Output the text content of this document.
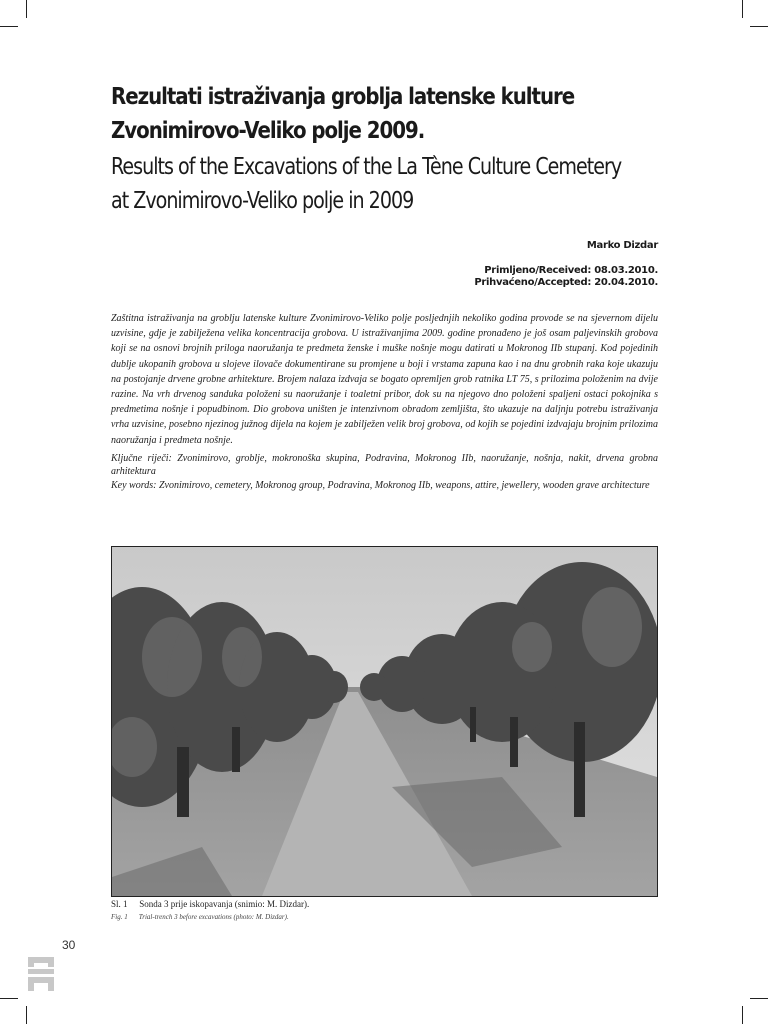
Rezultati istraživanja groblja latenske kulture Zvonimirovo-Veliko polje 2009.
Results of the Excavations of the La Tène Culture Cemetery at Zvonimirovo-Veliko polje in 2009
Marko Dizdar
Primljeno/Received: 08.03.2010.
Prihvaćeno/Accepted: 20.04.2010.

Zaštitna istraživanja na groblju latenske kulture Zvonimirovo-Veliko polje posljednjih nekoliko godina provode se na sjevernom dijelu uzvisine, gdje je zabilježena velika koncentracija grobova. U istraživanjima 2009. godine pronađeno je još osam paljevinskih grobova koji se na osnovi brojnih priloga naoružanja te predmeta ženske i muške nošnje mogu datirati u Mokronog IIb stupanj. Kod pojedinih dublje ukopanih grobova u slojeve ilovače dokumentirane su promjene u boji i vrstama zapuna kao i na dnu grobnih raka koje ukazuju na postojanje drvene grobne arhitekture. Brojem nalaza izdvaja se bogato opremljen grob ratnika LT 75, s prilozima položenim na dvije razine. Na vrh drvenog sanduka položeni su naoružanje i toaletni pribor, dok su na njegovo dno položeni spaljeni ostaci pokojnika s predmetima nošnje i popudbinom. Dio grobova uništen je intenzivnom obradom zemljišta, što ukazuje na daljnju potrebu istraživanja vrha uzvisine, posebno njezinog južnog dijela na kojem je zabilježen velik broj grobova, od kojih se pojedini izdvajaju brojnim prilozima naoružanja i predmeta nošnje.

Ključne riječi: Zvonimirovo, groblje, mokronoška skupina, Podravina, Mokronog IIb, naoružanje, nošnja, nakit, drvena grobna arhitektura

Key words: Zvonimirovo, cemetery, Mokronog group, Podravina, Mokronog IIb, weapons, attire, jewellery, wooden grave architecture

Sl. 1 Sonda 3 prije iskopavanja (snimio: M. Dizdar).
Fig. 1 Trial-trench 3 before excavations (photo: M. Dizdar).
30
